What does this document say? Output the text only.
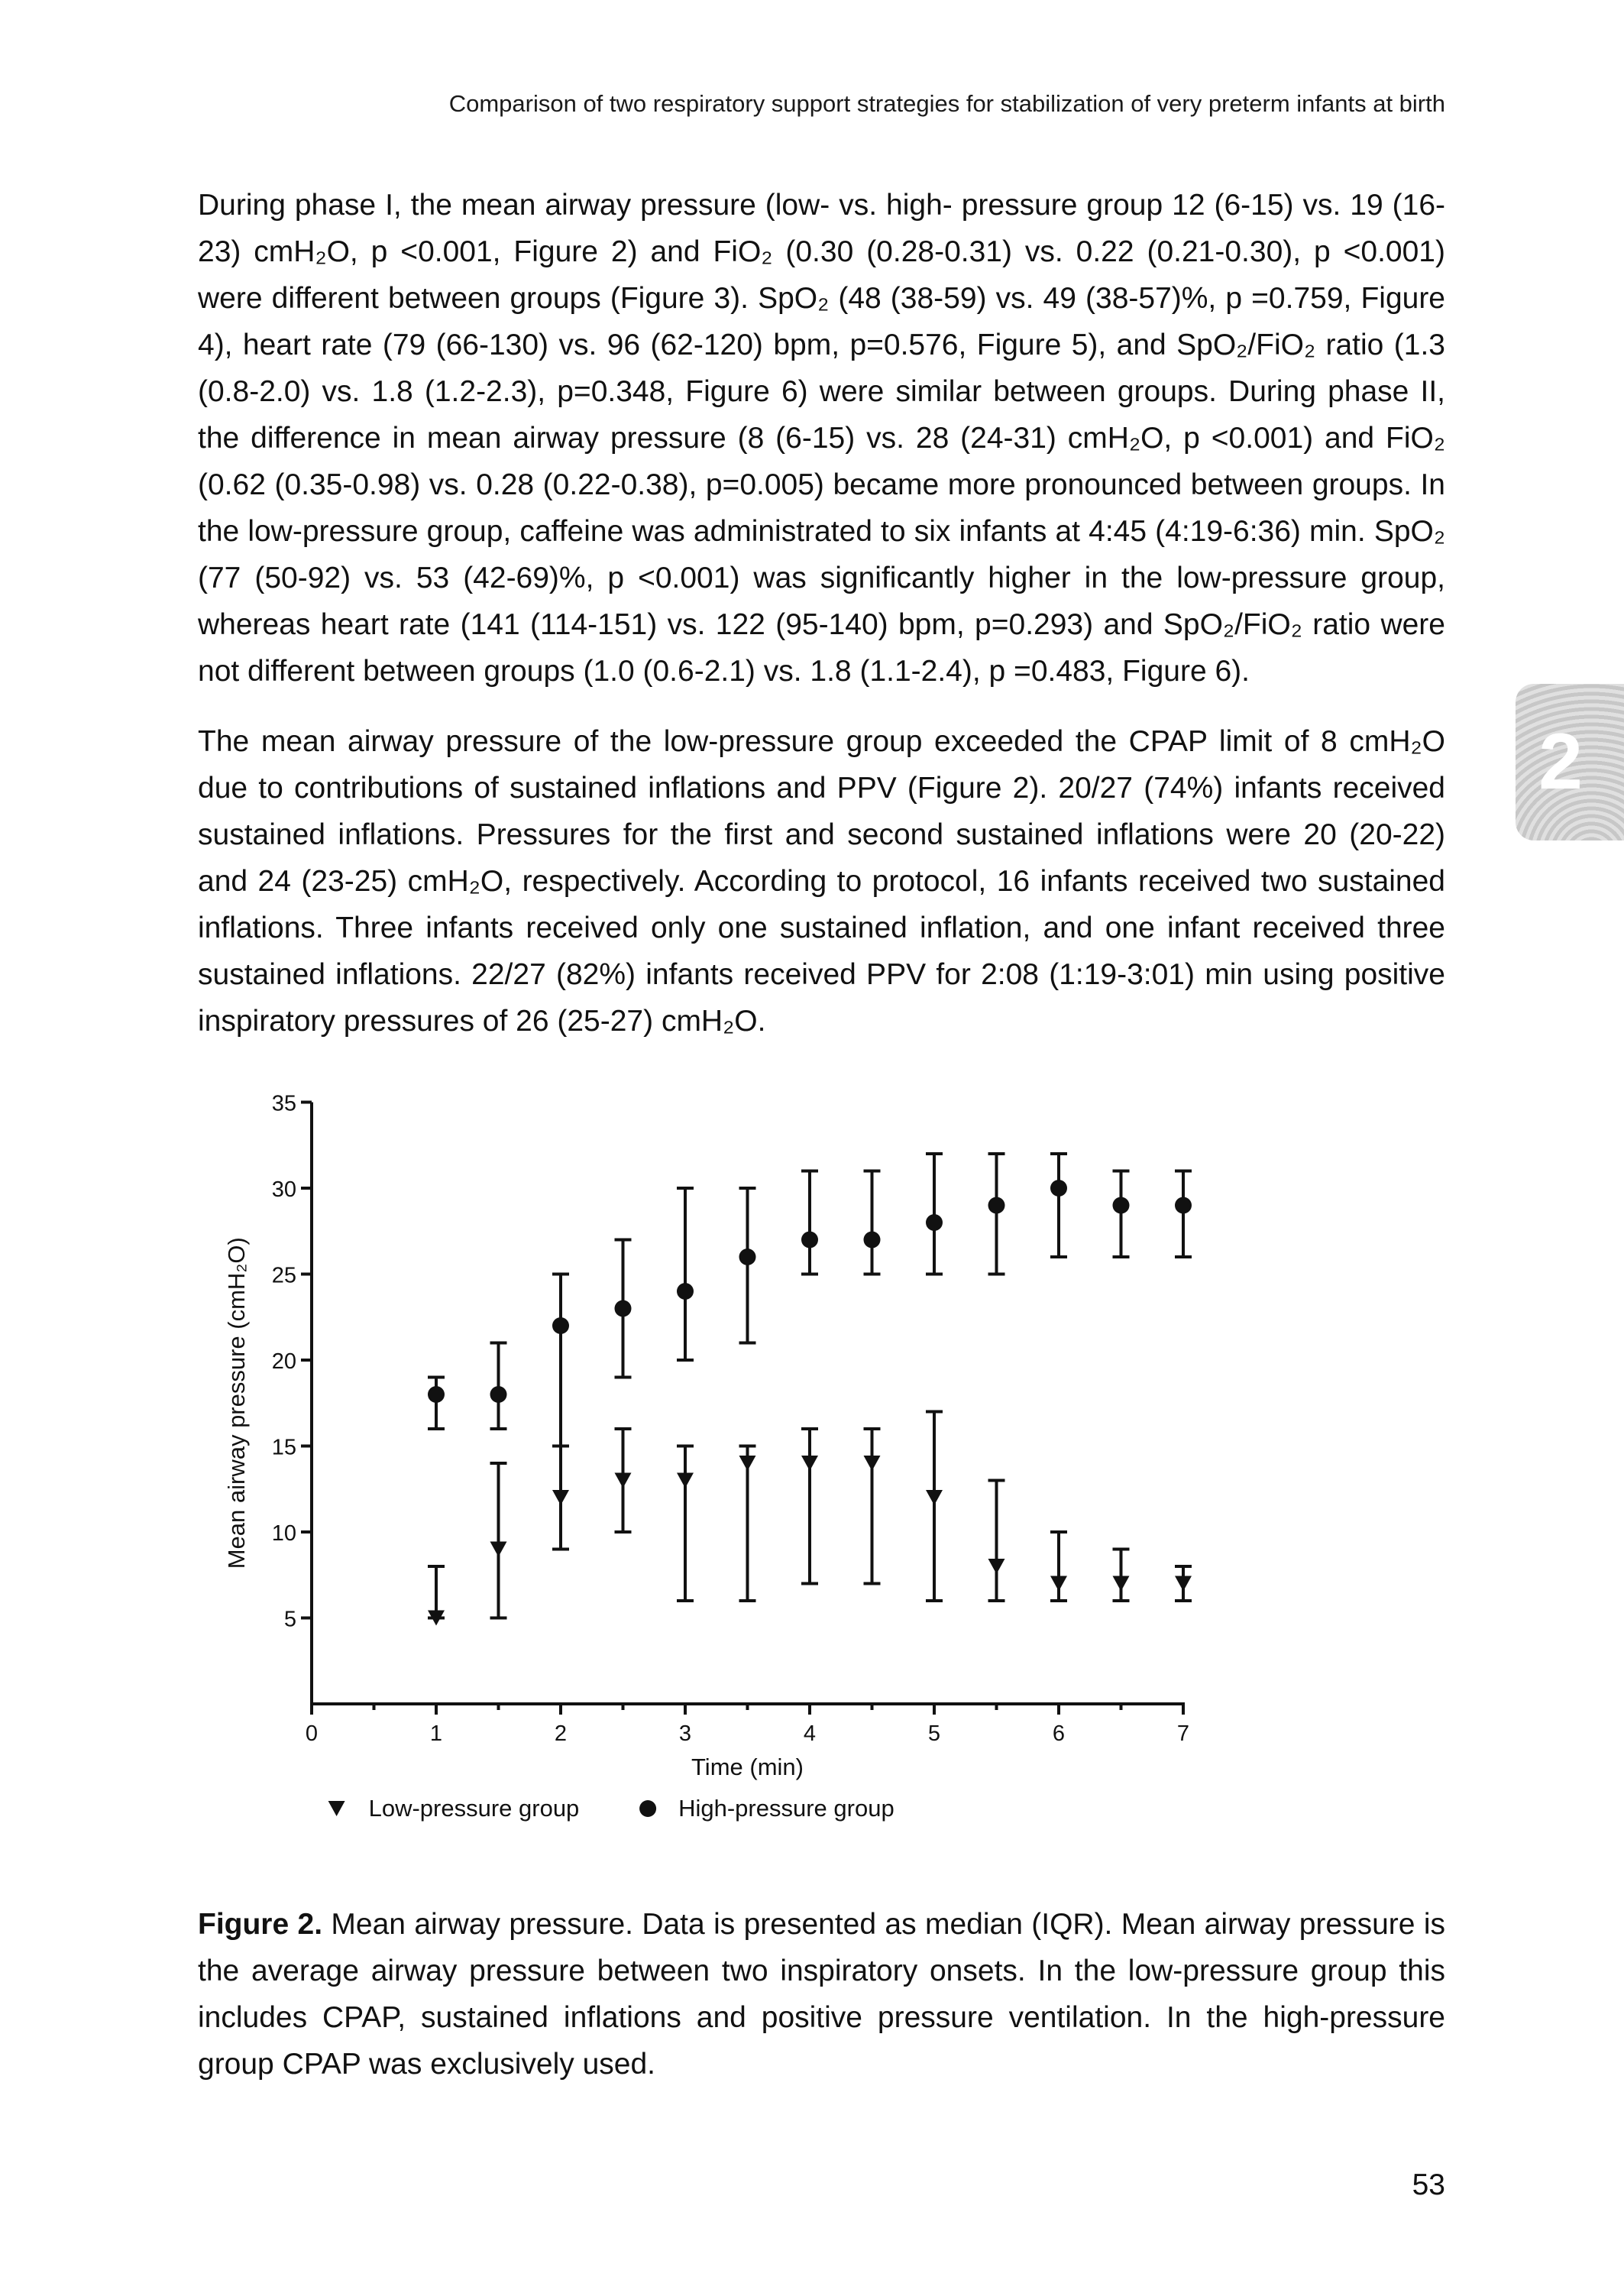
Comparison of two respiratory support strategies for stabilization of very preterm infants at birth

During phase I, the mean airway pressure (low- vs. high- pressure group 12 (6-15) vs. 19 (16-23) cmH₂O, p <0.001, Figure 2) and FiO₂ (0.30 (0.28-0.31) vs. 0.22 (0.21-0.30), p <0.001) were different between groups (Figure 3). SpO₂ (48 (38-59) vs. 49 (38-57)%, p =0.759, Figure 4), heart rate (79 (66-130) vs. 96 (62-120) bpm, p=0.576, Figure 5), and SpO₂/FiO₂ ratio (1.3 (0.8-2.0) vs. 1.8 (1.2-2.3), p=0.348, Figure 6) were similar between groups. During phase II, the difference in mean airway pressure (8 (6-15) vs. 28 (24-31) cmH₂O, p <0.001) and FiO₂ (0.62 (0.35-0.98) vs. 0.28 (0.22-0.38), p=0.005) became more pronounced between groups. In the low-pressure group, caffeine was administrated to six infants at 4:45 (4:19-6:36) min. SpO₂ (77 (50-92) vs. 53 (42-69)%, p <0.001) was significantly higher in the low-pressure group, whereas heart rate (141 (114-151) vs. 122 (95-140) bpm, p=0.293) and SpO₂/FiO₂ ratio were not different between groups (1.0 (0.6-2.1) vs. 1.8 (1.1-2.4), p =0.483, Figure 6).

The mean airway pressure of the low-pressure group exceeded the CPAP limit of 8 cmH₂O due to contributions of sustained inflations and PPV (Figure 2). 20/27 (74%) infants received sustained inflations. Pressures for the first and second sustained inflations were 20 (20-22) and 24 (23-25) cmH₂O, respectively. According to protocol, 16 infants received two sustained inflations. Three infants received only one sustained inflation, and one infant received three sustained inflations. 22/27 (82%) infants received PPV for 2:08 (1:19-3:01) min using positive inspiratory pressures of 26 (25-27) cmH₂O.

2
5
10
15
20
25
30
35
0	1	2	3	4	5	6	7
Time (min)
Mean airway pressure (cmH₂O)
Low-pressure group	High-pressure group

Figure 2. Mean airway pressure. Data is presented as median (IQR). Mean airway pressure is the average airway pressure between two inspiratory onsets. In the low-pressure group this includes CPAP, sustained inflations and positive pressure ventilation. In the high-pressure group CPAP was exclusively used.

53
